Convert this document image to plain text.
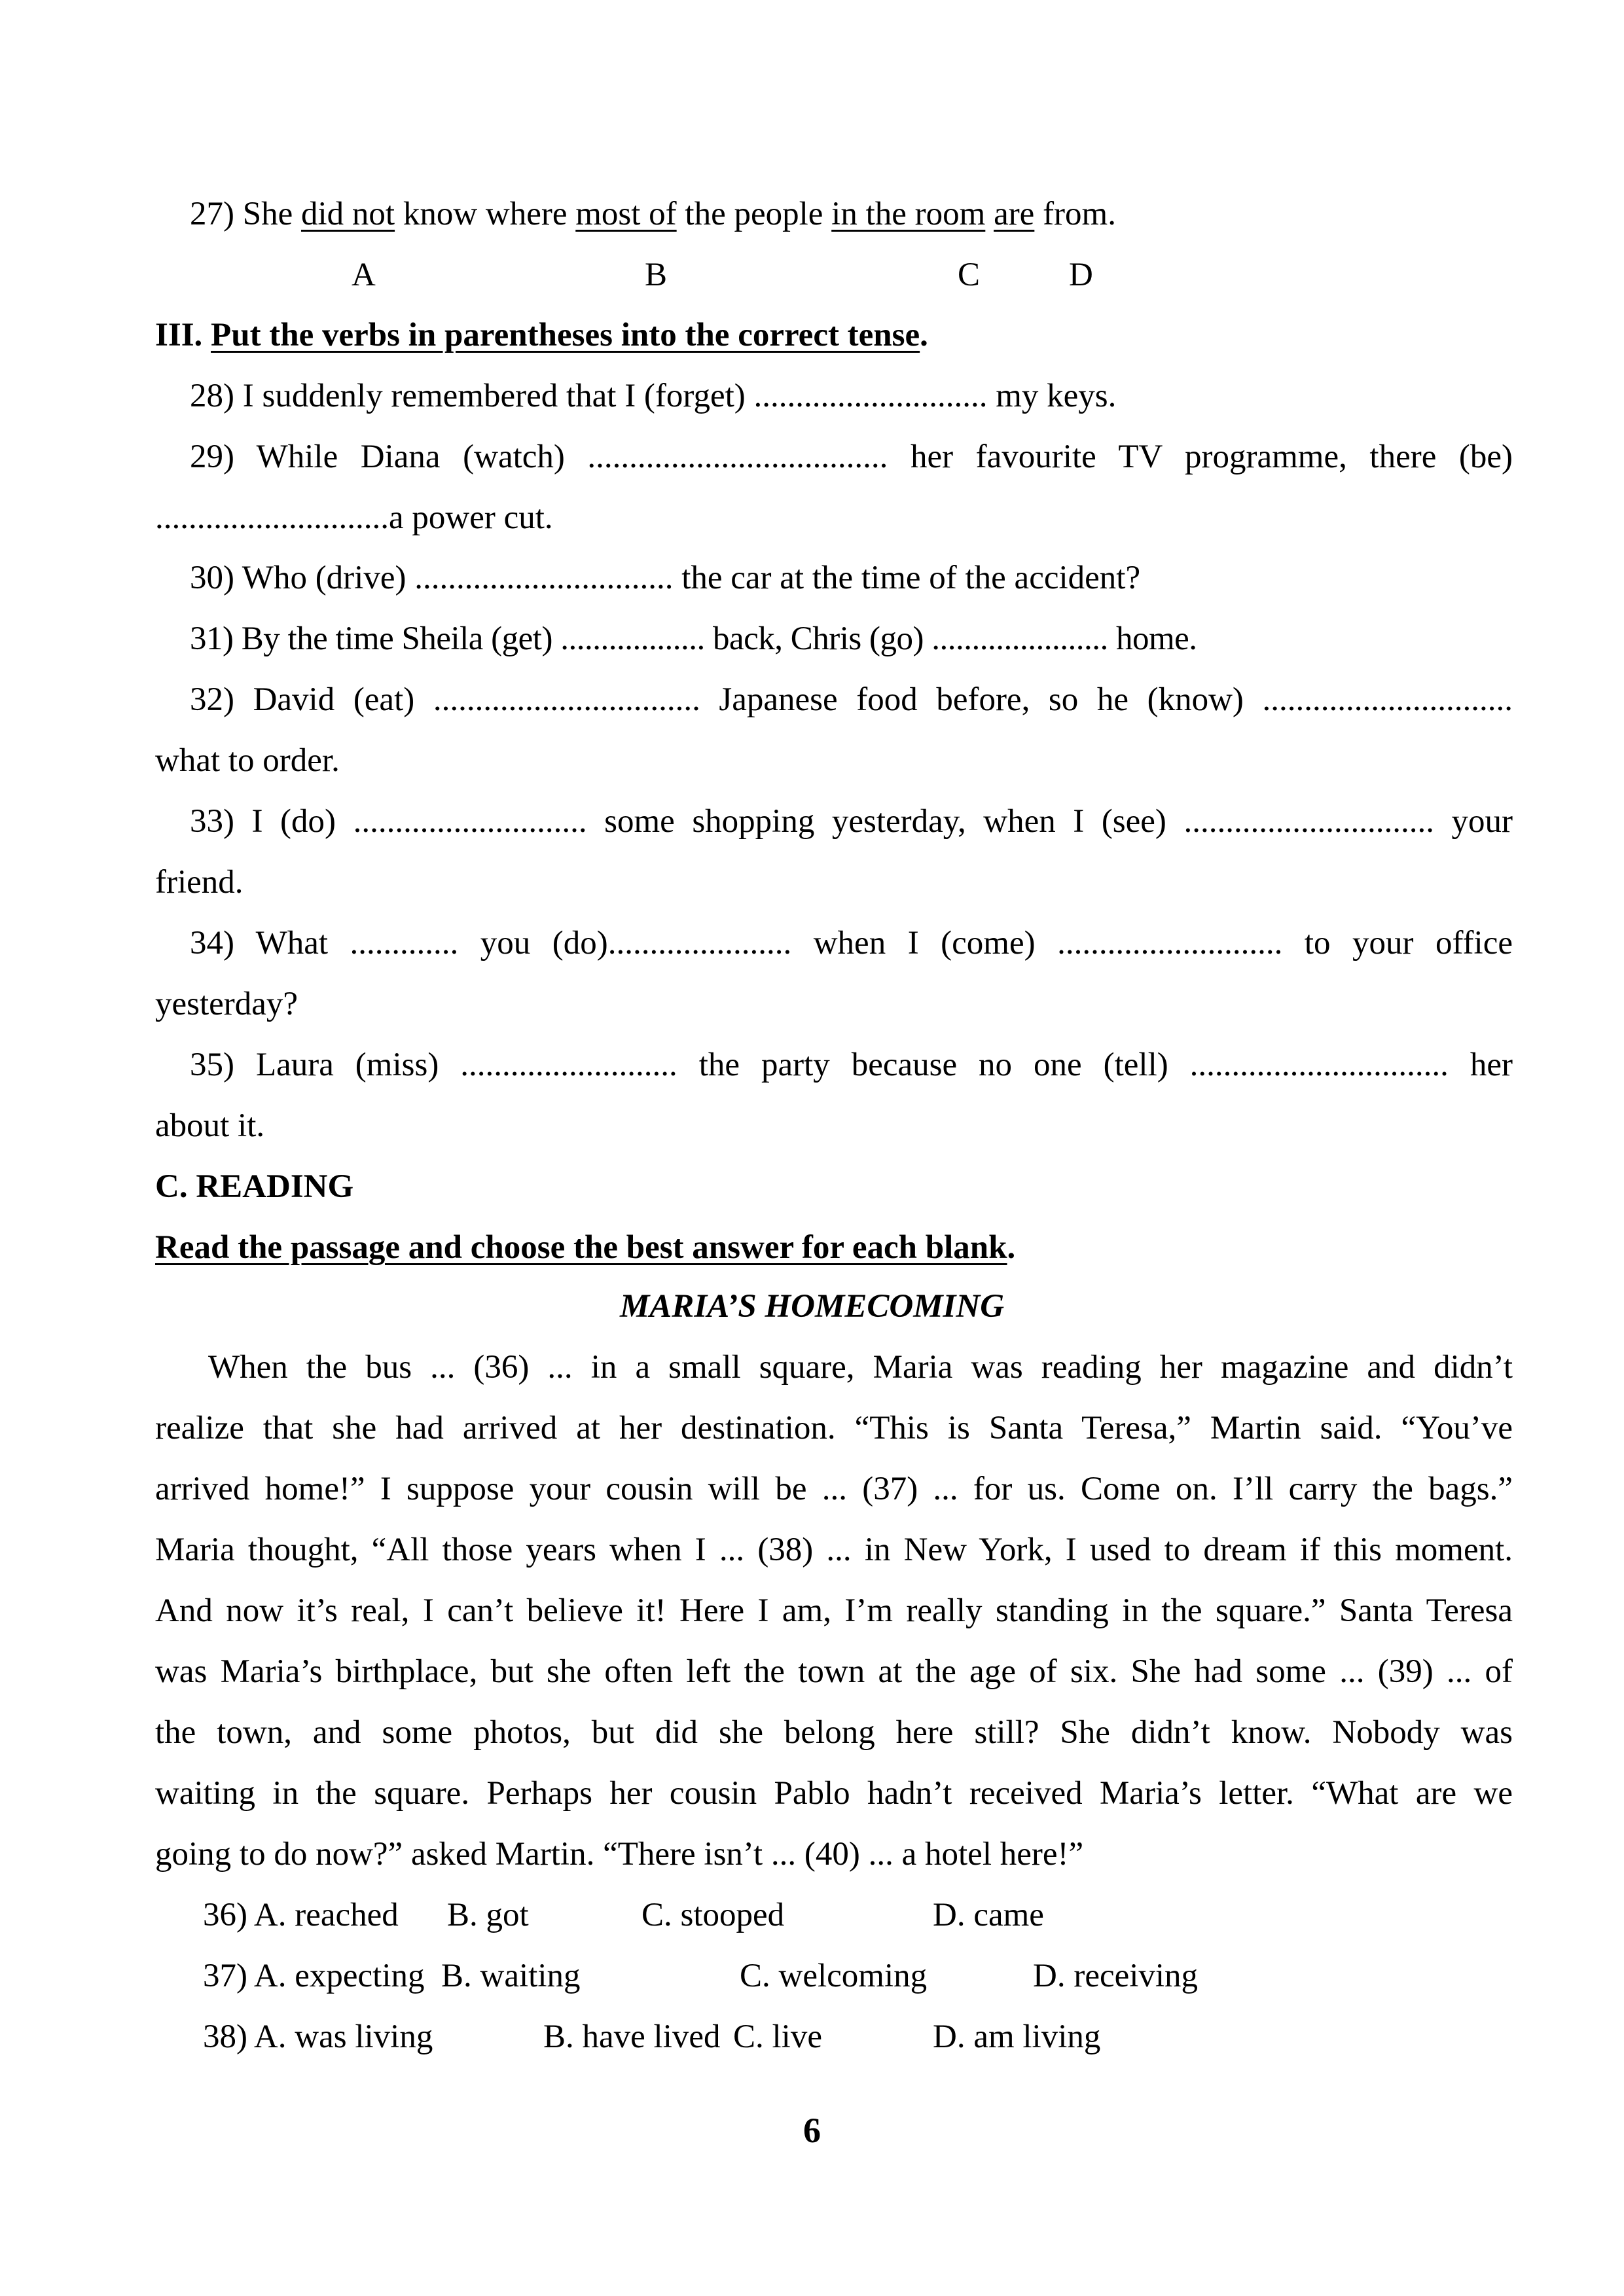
27) She did not know where most of the people in the room are from.
A	B	C	D
III. Put the verbs in parentheses into the correct tense.
28) I suddenly remembered that I (forget) ............................ my keys.
29) While Diana (watch) .................................... her favourite TV programme, there (be)
............................a power cut.
30) Who (drive) ............................... the car at the time of the accident?
31) By the time Sheila (get) .................. back, Chris (go) ...................... home.
32) David (eat) ................................ Japanese food before, so he (know) ..............................
what to order.
33) I (do) ............................ some shopping yesterday, when I (see) .............................. your
friend.
34) What ............. you (do)...................... when I (come) ........................... to your office
yesterday?
35) Laura (miss) .......................... the party because no one (tell) ............................... her
about it.
C. READING
Read the passage and choose the best answer for each blank.
MARIA’S HOMECOMING
When the bus ... (36) ... in a small square, Maria was reading her magazine and didn’t
realize that she had arrived at her destination. “This is Santa Teresa,” Martin said. “You’ve
arrived home!” I suppose your cousin will be ... (37) ... for us. Come on. I’ll carry the bags.”
Maria thought, “All those years when I ... (38) ... in New York, I used to dream if this moment.
And now it’s real, I can’t believe it! Here I am, I’m really standing in the square.” Santa Teresa
was Maria’s birthplace, but she often left the town at the age of six. She had some ... (39) ... of
the town, and some photos, but did she belong here still? She didn’t know. Nobody was
waiting in the square. Perhaps her cousin Pablo hadn’t received Maria’s letter. “What are we
going to do now?” asked Martin. “There isn’t ... (40) ... a hotel here!”
36) A. reached B. got	C. stooped	D. came
37) A. expecting B. waiting	C. welcoming	D. receiving
38) A. was living	B. have lived C. live	D. am living
6
